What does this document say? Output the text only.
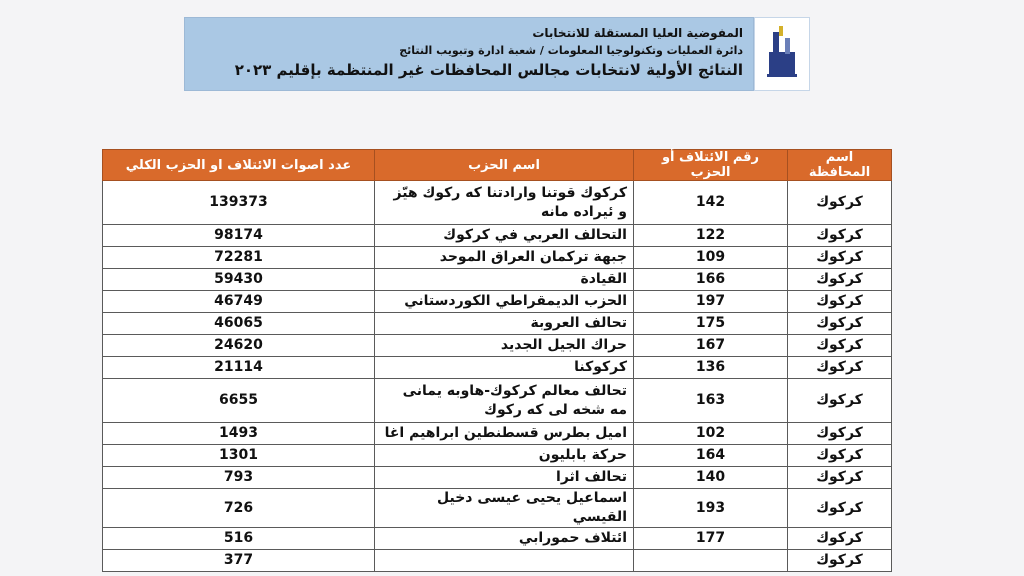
المفوضية العليا المستقلة للانتخابات
دائرة العمليات وتكنولوجيا المعلومات / شعبة ادارة وتبويب النتائج
النتائج الأولية لانتخابات مجالس المحافظات غير المنتظمة بإقليم ٢٠٢٣
اسم المحافظة	رقم الائتلاف أو الحزب	اسم الحزب	عدد اصوات الائتلاف او الحزب الكلي
كركوك	142	كركوك قوتنا وارادتنا كه ركوك هيّز و ئيراده مانه	139373
كركوك	122	التحالف العربي في كركوك	98174
كركوك	109	جبهة تركمان العراق الموحد	72281
كركوك	166	القيادة	59430
كركوك	197	الحزب الديمقراطي الكوردستاني	46749
كركوك	175	تحالف العروبة	46065
كركوك	167	حراك الجيل الجديد	24620
كركوك	136	كركوكنا	21114
كركوك	163	تحالف معالم كركوك-هاوبه يمانى مه شخه لى كه ركوك	6655
كركوك	102	اميل بطرس قسطنطين ابراهيم اغا	1493
كركوك	164	حركة بابليون	1301
كركوك	140	تحالف اثرا	793
كركوك	193	اسماعيل يحيى عيسى دخيل القيسي	726
كركوك	177	ائتلاف حمورابي	516
كركوك			377
